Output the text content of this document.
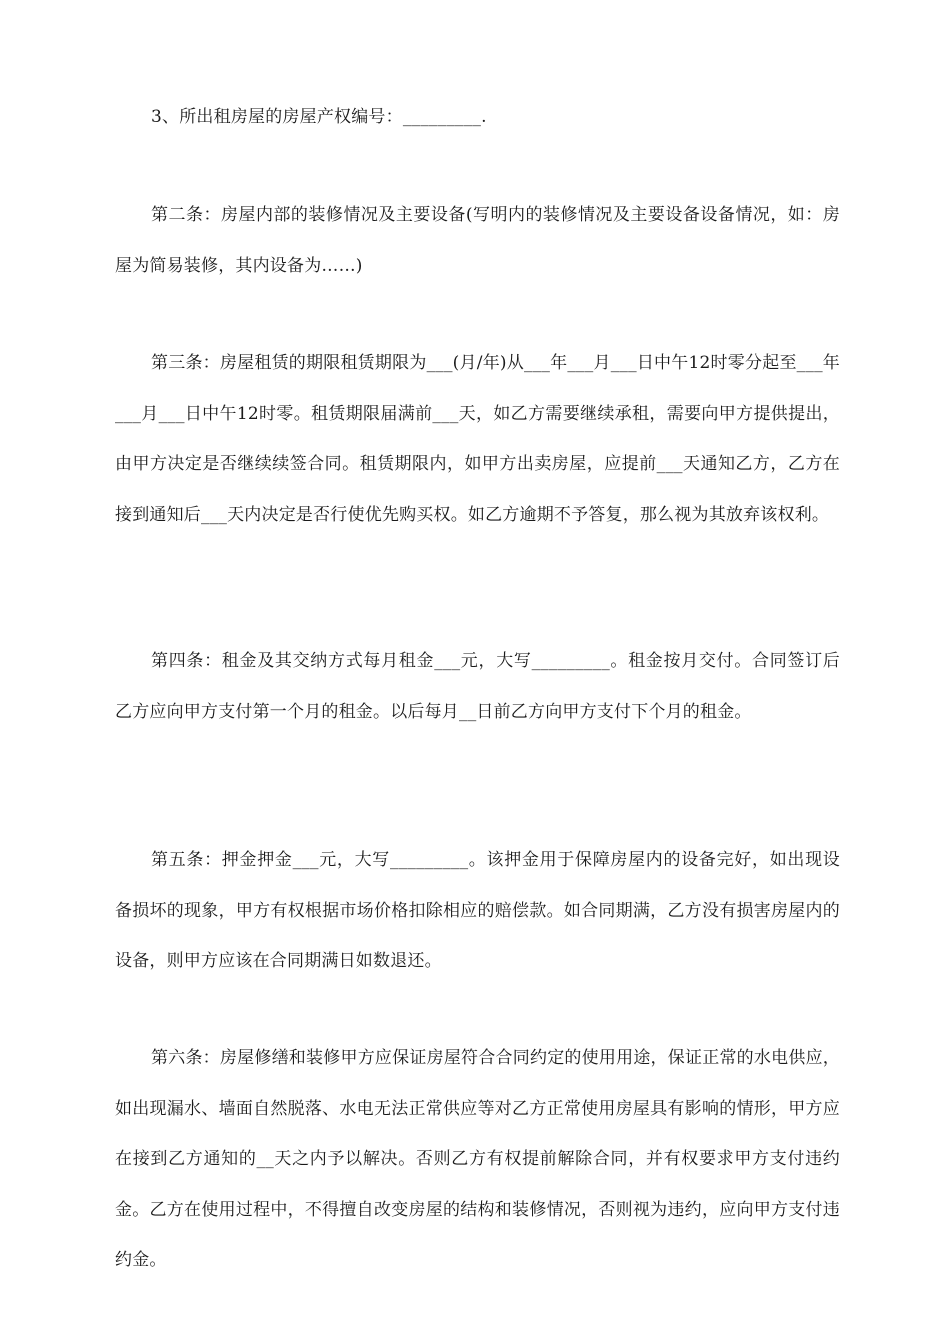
3、所出租房屋的房屋产权编号：_________.

第二条：房屋内部的装修情况及主要设备(写明内的装修情况及主要设备设备情况，如：房屋为简易装修，其内设备为……)

第三条：房屋租赁的期限租赁期限为___(月/年)从___年___月___日中午12时零分起至___年___月___日中午12时零。租赁期限届满前___天，如乙方需要继续承租，需要向甲方提供提出，由甲方决定是否继续续签合同。租赁期限内，如甲方出卖房屋，应提前___天通知乙方，乙方在接到通知后___天内决定是否行使优先购买权。如乙方逾期不予答复，那么视为其放弃该权利。

第四条：租金及其交纳方式每月租金___元，大写_________。租金按月交付。合同签订后乙方应向甲方支付第一个月的租金。以后每月__日前乙方向甲方支付下个月的租金。

第五条：押金押金___元，大写_________。该押金用于保障房屋内的设备完好，如出现设备损坏的现象，甲方有权根据市场价格扣除相应的赔偿款。如合同期满，乙方没有损害房屋内的设备，则甲方应该在合同期满日如数退还。

第六条：房屋修缮和装修甲方应保证房屋符合合同约定的使用用途，保证正常的水电供应，如出现漏水、墙面自然脱落、水电无法正常供应等对乙方正常使用房屋具有影响的情形，甲方应在接到乙方通知的__天之内予以解决。否则乙方有权提前解除合同，并有权要求甲方支付违约金。乙方在使用过程中，不得擅自改变房屋的结构和装修情况，否则视为违约，应向甲方支付违约金。
